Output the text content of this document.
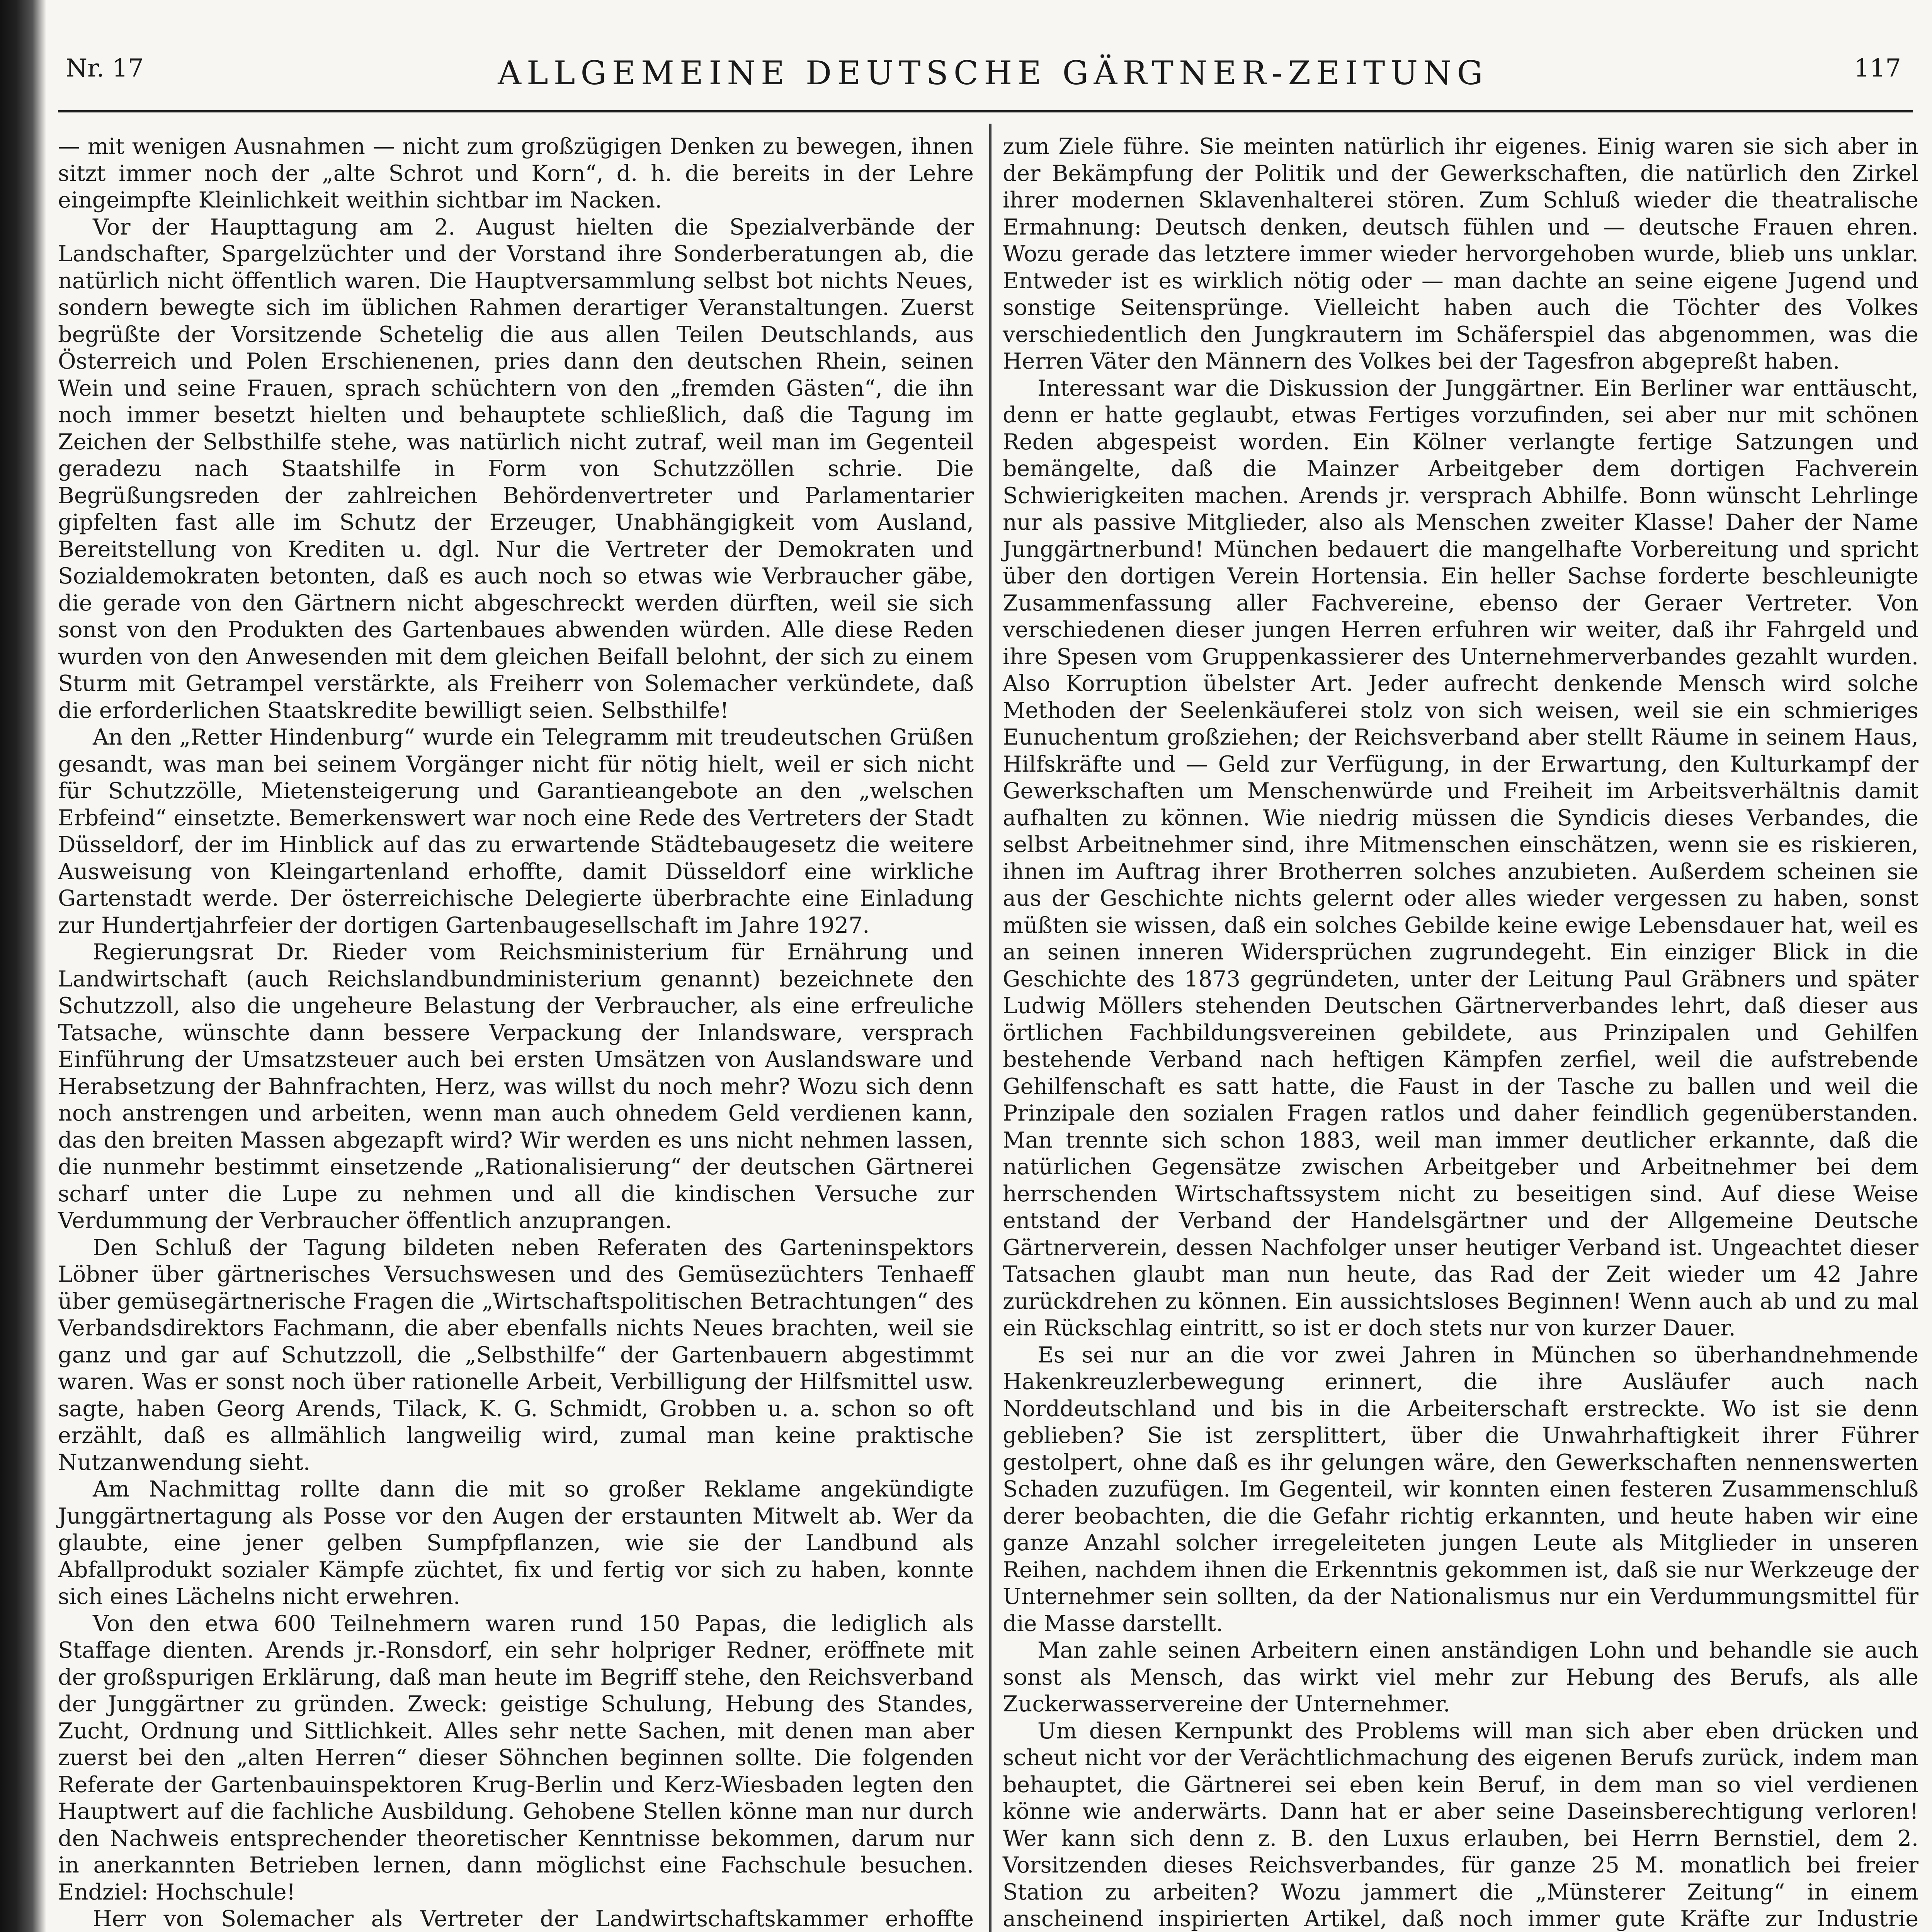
Nr. 17	ALLGEMEINE DEUTSCHE GÄRTNER-ZEITUNG	117

— mit wenigen Ausnahmen — nicht zum großzügigen Denken zu bewegen, ihnen sitzt immer noch der „alte Schrot und Korn“, d. h. die bereits in der Lehre eingeimpfte Kleinlichkeit weithin sichtbar im Nacken.

Vor der Haupttagung am 2. August hielten die Spezialverbände der Landschafter, Spargelzüchter und der Vorstand ihre Sonderberatungen ab, die natürlich nicht öffentlich waren. Die Hauptversammlung selbst bot nichts Neues, sondern bewegte sich im üblichen Rahmen derartiger Veranstaltungen. Zuerst begrüßte der Vorsitzende Schetelig die aus allen Teilen Deutschlands, aus Österreich und Polen Erschienenen, pries dann den deutschen Rhein, seinen Wein und seine Frauen, sprach schüchtern von den „fremden Gästen“, die ihn noch immer besetzt hielten und behauptete schließlich, daß die Tagung im Zeichen der Selbsthilfe stehe, was natürlich nicht zutraf, weil man im Gegenteil geradezu nach Staatshilfe in Form von Schutzzöllen schrie. Die Begrüßungsreden der zahlreichen Behördenvertreter und Parlamentarier gipfelten fast alle im Schutz der Erzeuger, Unabhängigkeit vom Ausland, Bereitstellung von Krediten u. dgl. Nur die Vertreter der Demokraten und Sozialdemokraten betonten, daß es auch noch so etwas wie Verbraucher gäbe, die gerade von den Gärtnern nicht abgeschreckt werden dürften, weil sie sich sonst von den Produkten des Gartenbaues abwenden würden. Alle diese Reden wurden von den Anwesenden mit dem gleichen Beifall belohnt, der sich zu einem Sturm mit Getrampel verstärkte, als Freiherr von Solemacher verkündete, daß die erforderlichen Staatskredite bewilligt seien. Selbsthilfe!

An den „Retter Hindenburg“ wurde ein Telegramm mit treudeutschen Grüßen gesandt, was man bei seinem Vorgänger nicht für nötig hielt, weil er sich nicht für Schutzzölle, Mietensteigerung und Garantieangebote an den „welschen Erbfeind“ einsetzte. Bemerkenswert war noch eine Rede des Vertreters der Stadt Düsseldorf, der im Hinblick auf das zu erwartende Städtebaugesetz die weitere Ausweisung von Kleingartenland erhoffte, damit Düsseldorf eine wirkliche Gartenstadt werde. Der österreichische Delegierte überbrachte eine Einladung zur Hundertjahrfeier der dortigen Gartenbaugesellschaft im Jahre 1927.

Regierungsrat Dr. Rieder vom Reichsministerium für Ernährung und Landwirtschaft (auch Reichslandbundministerium genannt) bezeichnete den Schutzzoll, also die ungeheure Belastung der Verbraucher, als eine erfreuliche Tatsache, wünschte dann bessere Verpackung der Inlandsware, versprach Einführung der Umsatzsteuer auch bei ersten Umsätzen von Auslandsware und Herabsetzung der Bahnfrachten, Herz, was willst du noch mehr? Wozu sich denn noch anstrengen und arbeiten, wenn man auch ohnedem Geld verdienen kann, das den breiten Massen abgezapft wird? Wir werden es uns nicht nehmen lassen, die nunmehr bestimmt einsetzende „Rationalisierung“ der deutschen Gärtnerei scharf unter die Lupe zu nehmen und all die kindischen Versuche zur Verdummung der Verbraucher öffentlich anzuprangen.

Den Schluß der Tagung bildeten neben Referaten des Garteninspektors Löbner über gärtnerisches Versuchswesen und des Gemüsezüchters Tenhaeff über gemüsegärtnerische Fragen die „Wirtschaftspolitischen Betrachtungen“ des Verbandsdirektors Fachmann, die aber ebenfalls nichts Neues brachten, weil sie ganz und gar auf Schutzzoll, die „Selbsthilfe“ der Gartenbauern abgestimmt waren. Was er sonst noch über rationelle Arbeit, Verbilligung der Hilfsmittel usw. sagte, haben Georg Arends, Tilack, K. G. Schmidt, Grobben u. a. schon so oft erzählt, daß es allmählich langweilig wird, zumal man keine praktische Nutzanwendung sieht.

Am Nachmittag rollte dann die mit so großer Reklame angekündigte Junggärtnertagung als Posse vor den Augen der erstaunten Mitwelt ab. Wer da glaubte, eine jener gelben Sumpfpflanzen, wie sie der Landbund als Abfallprodukt sozialer Kämpfe züchtet, fix und fertig vor sich zu haben, konnte sich eines Lächelns nicht erwehren.

Von den etwa 600 Teilnehmern waren rund 150 Papas, die lediglich als Staffage dienten. Arends jr.-Ronsdorf, ein sehr holpriger Redner, eröffnete mit der großspurigen Erklärung, daß man heute im Begriff stehe, den Reichsverband der Junggärtner zu gründen. Zweck: geistige Schulung, Hebung des Standes, Zucht, Ordnung und Sittlichkeit. Alles sehr nette Sachen, mit denen man aber zuerst bei den „alten Herren“ dieser Söhnchen beginnen sollte. Die folgenden Referate der Gartenbauinspektoren Krug-Berlin und Kerz-Wiesbaden legten den Hauptwert auf die fachliche Ausbildung. Gehobene Stellen könne man nur durch den Nachweis entsprechender theoretischer Kenntnisse bekommen, darum nur in anerkannten Betrieben lernen, dann möglichst eine Fachschule besuchen. Endziel: Hochschule!

Herr von Solemacher als Vertreter der Landwirtschaftskammer erhoffte

zum Ziele führe. Sie meinten natürlich ihr eigenes. Einig waren sie sich aber in der Bekämpfung der Politik und der Gewerkschaften, die natürlich den Zirkel ihrer modernen Sklavenhalterei stören. Zum Schluß wieder die theatralische Ermahnung: Deutsch denken, deutsch fühlen und — deutsche Frauen ehren. Wozu gerade das letztere immer wieder hervorgehoben wurde, blieb uns unklar. Entweder ist es wirklich nötig oder — man dachte an seine eigene Jugend und sonstige Seitensprünge. Vielleicht haben auch die Töchter des Volkes verschiedentlich den Jungkrautern im Schäferspiel das abgenommen, was die Herren Väter den Männern des Volkes bei der Tagesfron abgepreßt haben.

Interessant war die Diskussion der Junggärtner. Ein Berliner war enttäuscht, denn er hatte geglaubt, etwas Fertiges vorzufinden, sei aber nur mit schönen Reden abgespeist worden. Ein Kölner verlangte fertige Satzungen und bemängelte, daß die Mainzer Arbeitgeber dem dortigen Fachverein Schwierigkeiten machen. Arends jr. versprach Abhilfe. Bonn wünscht Lehrlinge nur als passive Mitglieder, also als Menschen zweiter Klasse! Daher der Name Junggärtnerbund! München bedauert die mangelhafte Vorbereitung und spricht über den dortigen Verein Hortensia. Ein heller Sachse forderte beschleunigte Zusammenfassung aller Fachvereine, ebenso der Geraer Vertreter. Von verschiedenen dieser jungen Herren erfuhren wir weiter, daß ihr Fahrgeld und ihre Spesen vom Gruppenkassierer des Unternehmerverbandes gezahlt wurden. Also Korruption übelster Art. Jeder aufrecht denkende Mensch wird solche Methoden der Seelenkäuferei stolz von sich weisen, weil sie ein schmieriges Eunuchentum großziehen; der Reichsverband aber stellt Räume in seinem Haus, Hilfskräfte und — Geld zur Verfügung, in der Erwartung, den Kulturkampf der Gewerkschaften um Menschenwürde und Freiheit im Arbeitsverhältnis damit aufhalten zu können. Wie niedrig müssen die Syndicis dieses Verbandes, die selbst Arbeitnehmer sind, ihre Mitmenschen einschätzen, wenn sie es riskieren, ihnen im Auftrag ihrer Brotherren solches anzubieten. Außerdem scheinen sie aus der Geschichte nichts gelernt oder alles wieder vergessen zu haben, sonst müßten sie wissen, daß ein solches Gebilde keine ewige Lebensdauer hat, weil es an seinen inneren Widersprüchen zugrundegeht. Ein einziger Blick in die Geschichte des 1873 gegründeten, unter der Leitung Paul Gräbners und später Ludwig Möllers stehenden Deutschen Gärtnerverbandes lehrt, daß dieser aus örtlichen Fachbildungsvereinen gebildete, aus Prinzipalen und Gehilfen bestehende Verband nach heftigen Kämpfen zerfiel, weil die aufstrebende Gehilfenschaft es satt hatte, die Faust in der Tasche zu ballen und weil die Prinzipale den sozialen Fragen ratlos und daher feindlich gegenüberstanden. Man trennte sich schon 1883, weil man immer deutlicher erkannte, daß die natürlichen Gegensätze zwischen Arbeitgeber und Arbeitnehmer bei dem herrschenden Wirtschaftssystem nicht zu beseitigen sind. Auf diese Weise entstand der Verband der Handelsgärtner und der Allgemeine Deutsche Gärtnerverein, dessen Nachfolger unser heutiger Verband ist. Ungeachtet dieser Tatsachen glaubt man nun heute, das Rad der Zeit wieder um 42 Jahre zurückdrehen zu können. Ein aussichtsloses Beginnen! Wenn auch ab und zu mal ein Rückschlag eintritt, so ist er doch stets nur von kurzer Dauer.

Es sei nur an die vor zwei Jahren in München so überhandnehmende Hakenkreuzlerbewegung erinnert, die ihre Ausläufer auch nach Norddeutschland und bis in die Arbeiterschaft erstreckte. Wo ist sie denn geblieben? Sie ist zersplittert, über die Unwahrhaftigkeit ihrer Führer gestolpert, ohne daß es ihr gelungen wäre, den Gewerkschaften nennenswerten Schaden zuzufügen. Im Gegenteil, wir konnten einen festeren Zusammenschluß derer beobachten, die die Gefahr richtig erkannten, und heute haben wir eine ganze Anzahl solcher irregeleiteten jungen Leute als Mitglieder in unseren Reihen, nachdem ihnen die Erkenntnis gekommen ist, daß sie nur Werkzeuge der Unternehmer sein sollten, da der Nationalismus nur ein Verdummungsmittel für die Masse darstellt.

Man zahle seinen Arbeitern einen anständigen Lohn und behandle sie auch sonst als Mensch, das wirkt viel mehr zur Hebung des Berufs, als alle Zuckerwasservereine der Unternehmer.

Um diesen Kernpunkt des Problems will man sich aber eben drücken und scheut nicht vor der Verächtlichmachung des eigenen Berufs zurück, indem man behauptet, die Gärtnerei sei eben kein Beruf, in dem man so viel verdienen könne wie anderwärts. Dann hat er aber seine Daseinsberechtigung verloren! Wer kann sich denn z. B. den Luxus erlauben, bei Herrn Bernstiel, dem 2. Vorsitzenden dieses Reichsverbandes, für ganze 25 M. monatlich bei freier Station zu arbeiten? Wozu jammert die „Münsterer Zeitung“ in einem anscheinend inspirierten Artikel, daß noch immer gute Kräfte zur Industrie
